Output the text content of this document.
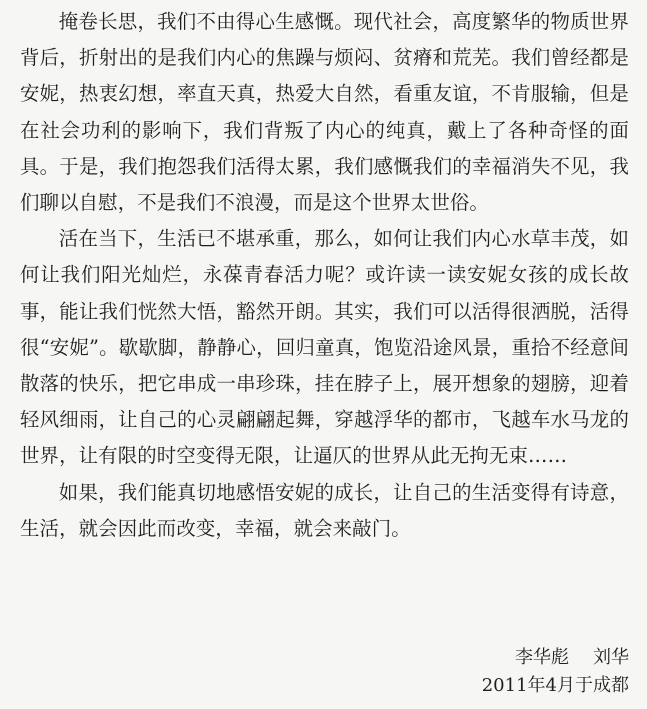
掩卷长思，我们不由得心生感慨。现代社会，高度繁华的物质世界背后，折射出的是我们内心的焦躁与烦闷、贫瘠和荒芜。我们曾经都是安妮，热衷幻想，率直天真，热爱大自然，看重友谊，不肯服输，但是在社会功利的影响下，我们背叛了内心的纯真，戴上了各种奇怪的面具。于是，我们抱怨我们活得太累，我们感慨我们的幸福消失不见，我们聊以自慰，不是我们不浪漫，而是这个世界太世俗。

活在当下，生活已不堪承重，那么，如何让我们内心水草丰茂，如何让我们阳光灿烂，永葆青春活力呢？或许读一读安妮女孩的成长故事，能让我们恍然大悟，豁然开朗。其实，我们可以活得很洒脱，活得很“安妮”。歇歇脚，静静心，回归童真，饱览沿途风景，重拾不经意间散落的快乐，把它串成一串珍珠，挂在脖子上，展开想象的翅膀，迎着轻风细雨，让自己的心灵翩翩起舞，穿越浮华的都市，飞越车水马龙的世界，让有限的时空变得无限，让逼仄的世界从此无拘无束……

如果，我们能真切地感悟安妮的成长，让自己的生活变得有诗意，生活，就会因此而改变，幸福，就会来敲门。

李华彪 刘华

2011年4月于成都
